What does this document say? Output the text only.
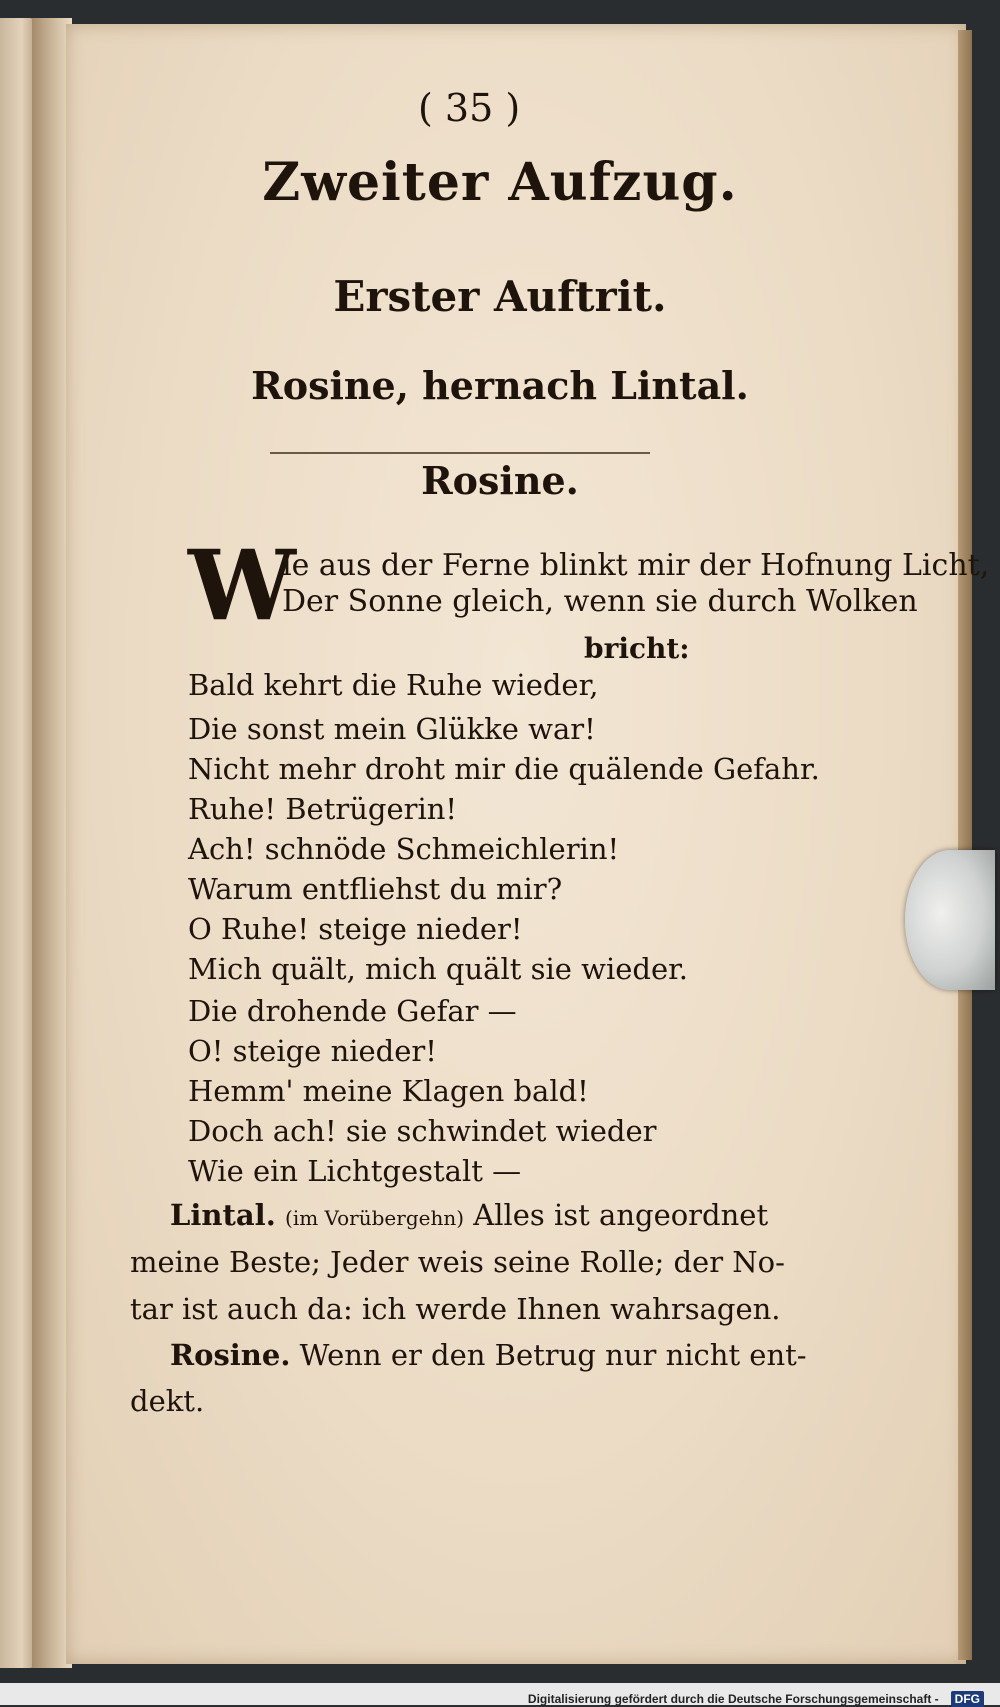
( 35 )
Zweiter Aufzug.
Erster Auftrit.
Rosine, hernach Lintal.
Rosine.
W
ie aus der Ferne blinkt mir der Hofnung Licht,
Der Sonne gleich, wenn sie durch Wolken
bricht:
Bald kehrt die Ruhe wieder,
Die sonst mein Glükke war!
Nicht mehr droht mir die quälende Gefahr.
Ruhe! Betrügerin!
Ach! schnöde Schmeichlerin!
Warum entfliehst du mir?
O Ruhe! steige nieder!
Mich quält, mich quält sie wieder.
Die drohende Gefar —
O! steige nieder!
Hemm' meine Klagen bald!
Doch ach! sie schwindet wieder
Wie ein Lichtgestalt —
Lintal. (im Vorübergehn) Alles ist angeordnet
meine Beste; Jeder weis seine Rolle; der No-
tar ist auch da: ich werde Ihnen wahrsagen.
Rosine. Wenn er den Betrug nur nicht ent-
dekt.
Digitalisierung gefördert durch die Deutsche Forschungsgemeinschaft - DFG
